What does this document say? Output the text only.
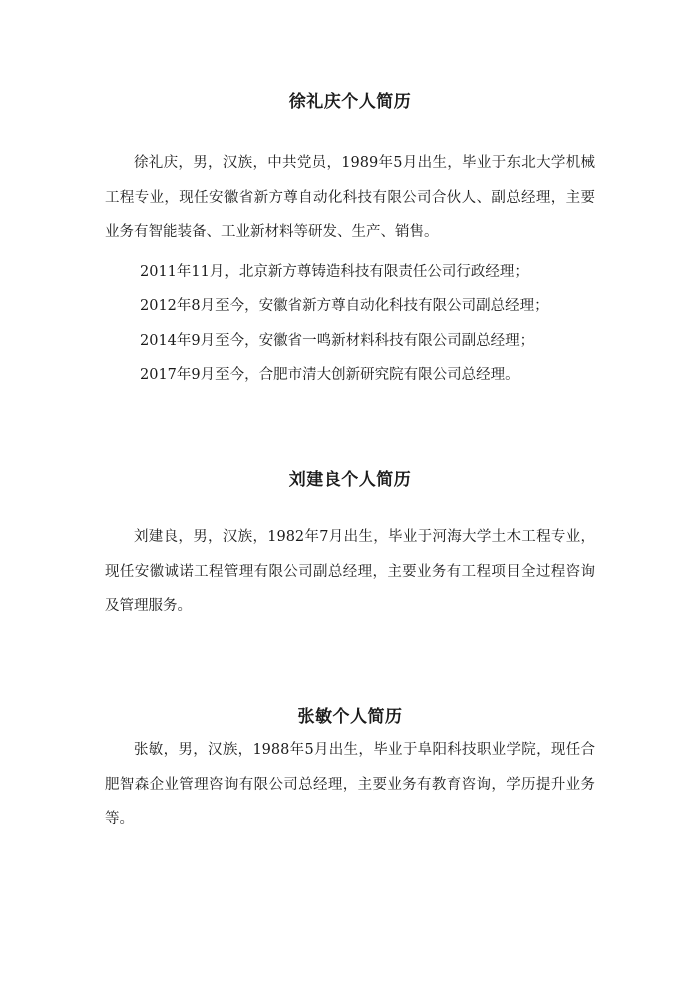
徐礼庆个人简历

徐礼庆，男，汉族，中共党员，1989年5月出生，毕业于东北大学机械工程专业，现任安徽省新方尊自动化科技有限公司合伙人、副总经理，主要业务有智能装备、工业新材料等研发、生产、销售。

2011年11月，北京新方尊铸造科技有限责任公司行政经理；

2012年8月至今，安徽省新方尊自动化科技有限公司副总经理；

2014年9月至今，安徽省一鸣新材料科技有限公司副总经理；

2017年9月至今，合肥市清大创新研究院有限公司总经理。

刘建良个人简历

刘建良，男，汉族，1982年7月出生，毕业于河海大学土木工程专业，现任安徽诚诺工程管理有限公司副总经理，主要业务有工程项目全过程咨询及管理服务。

张敏个人简历

张敏，男，汉族，1988年5月出生，毕业于阜阳科技职业学院，现任合肥智森企业管理咨询有限公司总经理，主要业务有教育咨询，学历提升业务等。
